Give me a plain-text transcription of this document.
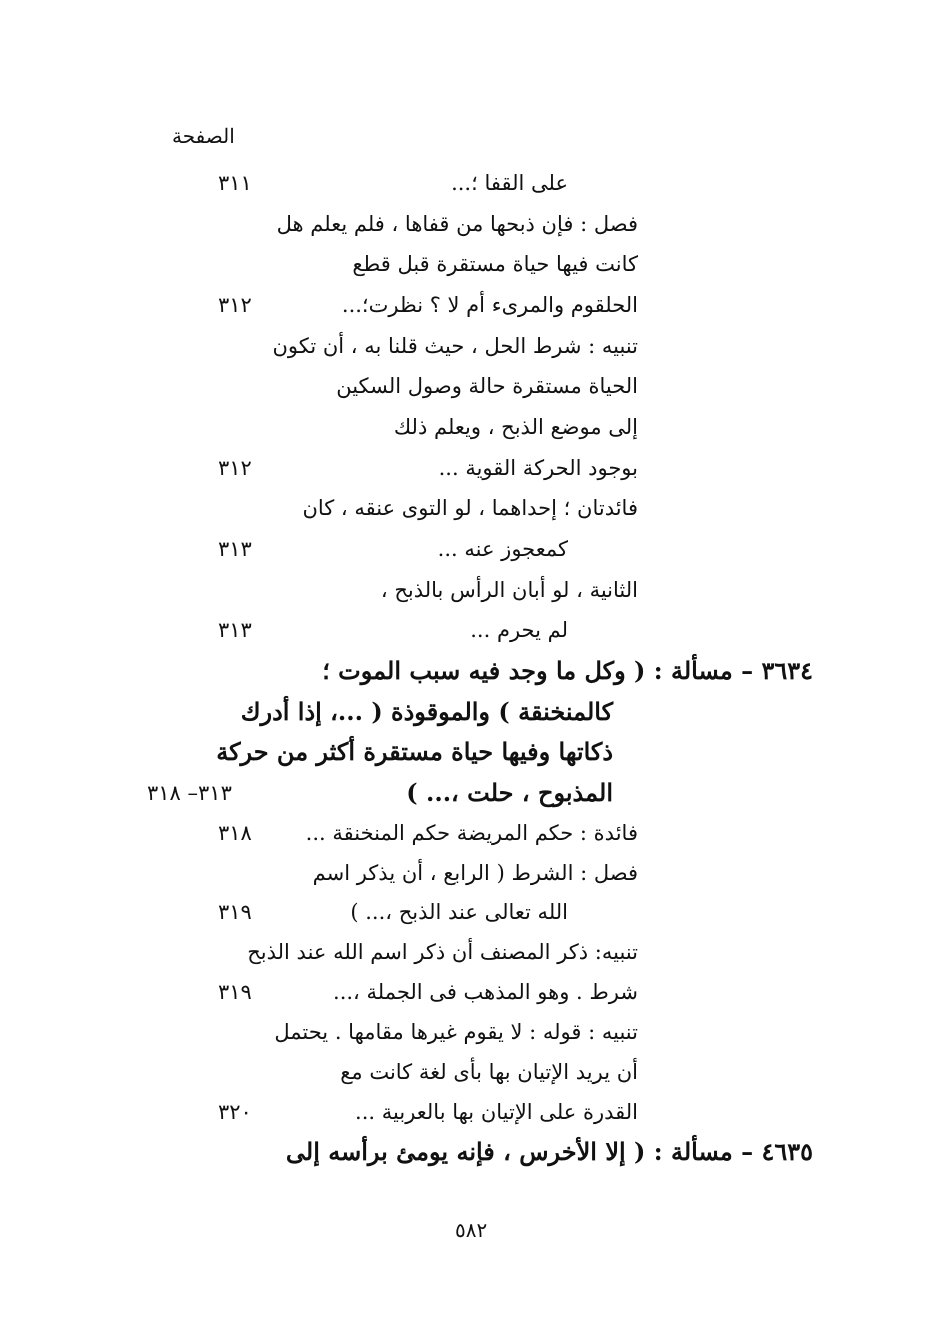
الصفحة
على القفا ؛...
٣١١
فصل : فإن ذبحها من قفاها ، فلم يعلم هل
كانت فيها حياة مستقرة قبل قطع
الحلقوم والمرىء أم لا ؟ نظرت؛...
٣١٢
تنبيه : شرط الحل ، حيث قلنا به ، أن تكون
الحياة مستقرة حالة وصول السكين
إلى موضع الذبح ، ويعلم ذلك
بوجود الحركة القوية ...
٣١٢
فائدتان ؛ إحداهما ، لو التوى عنقه ، كان
كمعجوز عنه ...
٣١٣
الثانية ، لو أبان الرأس بالذبح ،
لم يحرم ...
٣١٣
٣٦٣٤ – مسألة : ( وكل ما وجد فيه سبب الموت ؛
كالمنخنقة ) والموقوذة ( ...، إذا أدرك
ذكاتها وفيها حياة مستقرة أكثر من حركة
المذبوح ، حلت ،... )
٣١٣– ٣١٨
فائدة : حكم المريضة حكم المنخنقة ...
٣١٨
فصل : الشرط ( الرابع ، أن يذكر اسم
الله تعالى عند الذبح ،... )
٣١٩
تنبيه: ذكر المصنف أن ذكر اسم الله عند الذبح
شرط . وهو المذهب فى الجملة ،...
٣١٩
تنبيه : قوله : لا يقوم غيرها مقامها . يحتمل
أن يريد الإتيان بها بأى لغة كانت مع
القدرة على الإتيان بها بالعربية ...
٣٢٠
٤٦٣٥ – مسألة : ( إلا الأخرس ، فإنه يومئ برأسه إلى
٥٨٢
